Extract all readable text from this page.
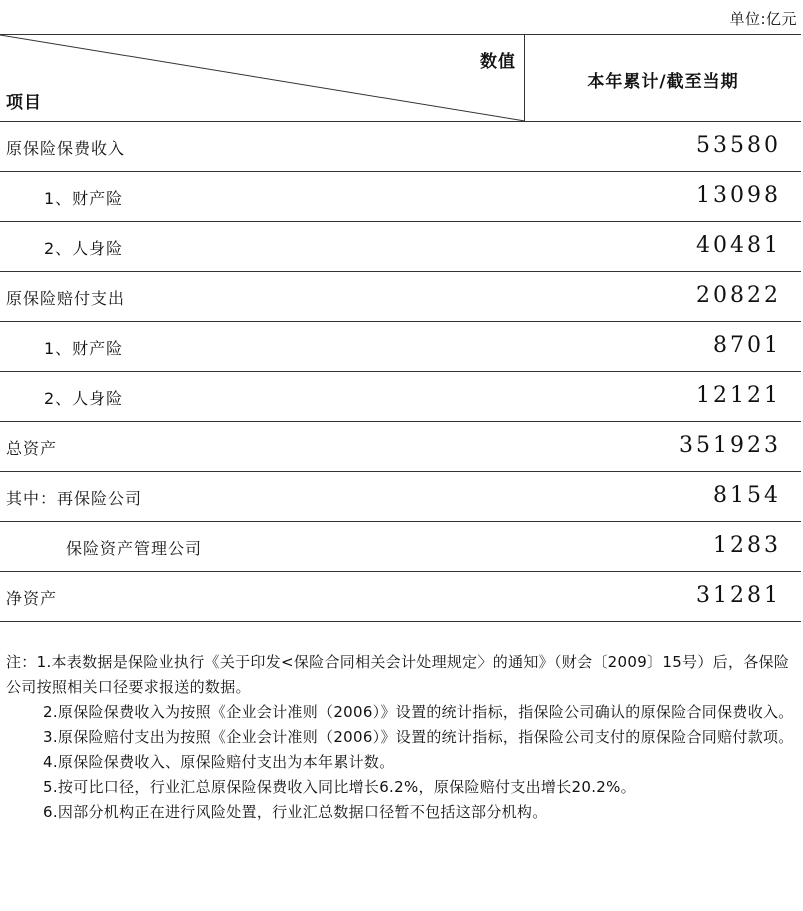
单位:亿元
数值
项目
本年累计/截至当期
原保险保费收入	53580
1、财产险	13098
2、人身险	40481
原保险赔付支出	20822
1、财产险	8701
2、人身险	12121
总资产	351923
其中：再保险公司	8154
保险资产管理公司	1283
净资产	31281

注：1.本表数据是保险业执行《关于印发<保险合同相关会计处理规定〉的通知》（财会〔2009〕15号）后，各保险公司按照相关口径要求报送的数据。

2.原保险保费收入为按照《企业会计准则（2006）》设置的统计指标，指保险公司确认的原保险合同保费收入。

3.原保险赔付支出为按照《企业会计准则（2006）》设置的统计指标，指保险公司支付的原保险合同赔付款项。

4.原保险保费收入、原保险赔付支出为本年累计数。

5.按可比口径，行业汇总原保险保费收入同比增长6.2%，原保险赔付支出增长20.2%。

6.因部分机构正在进行风险处置，行业汇总数据口径暂不包括这部分机构。
